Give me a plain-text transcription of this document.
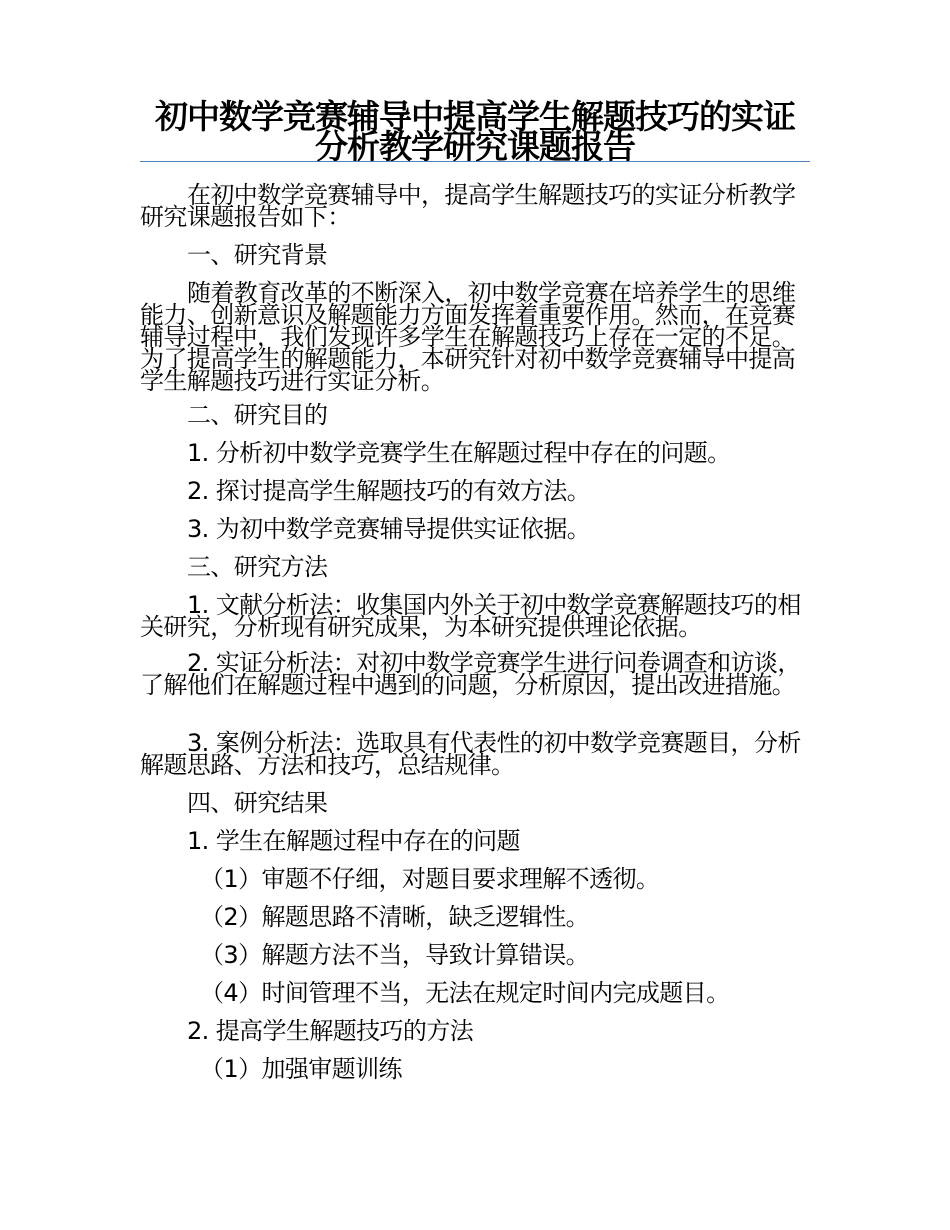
初中数学竞赛辅导中提高学生解题技巧的实证分析教学研究课题报告
在初中数学竞赛辅导中，提高学生解题技巧的实证分析教学研究课题报告如下：
一、研究背景
随着教育改革的不断深入，初中数学竞赛在培养学生的思维能力、创新意识及解题能力方面发挥着重要作用。然而，在竞赛辅导过程中，我们发现许多学生在解题技巧上存在一定的不足。为了提高学生的解题能力，本研究针对初中数学竞赛辅导中提高学生解题技巧进行实证分析。
二、研究目的
1. 分析初中数学竞赛学生在解题过程中存在的问题。
2. 探讨提高学生解题技巧的有效方法。
3. 为初中数学竞赛辅导提供实证依据。
三、研究方法
1. 文献分析法：收集国内外关于初中数学竞赛解题技巧的相关研究，分析现有研究成果，为本研究提供理论依据。
2. 实证分析法：对初中数学竞赛学生进行问卷调查和访谈，了解他们在解题过程中遇到的问题，分析原因，提出改进措施。
3. 案例分析法：选取具有代表性的初中数学竞赛题目，分析解题思路、方法和技巧，总结规律。
四、研究结果
1. 学生在解题过程中存在的问题
（1）审题不仔细，对题目要求理解不透彻。
（2）解题思路不清晰，缺乏逻辑性。
（3）解题方法不当，导致计算错误。
（4）时间管理不当，无法在规定时间内完成题目。
2. 提高学生解题技巧的方法
（1）加强审题训练
